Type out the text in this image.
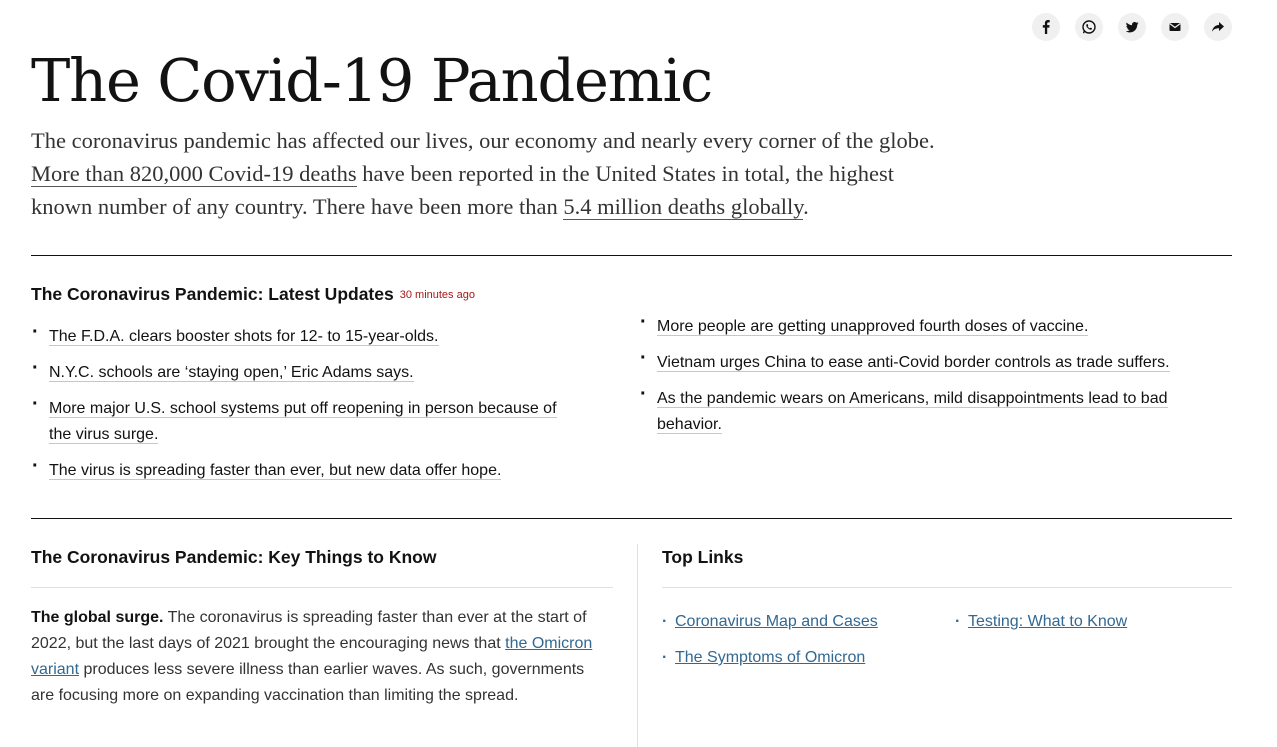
The Covid-19 Pandemic

The coronavirus pandemic has affected our lives, our economy and nearly every corner of the globe. More than 820,000 Covid-19 deaths have been reported in the United States in total, the highest known number of any country. There have been more than 5.4 million deaths globally.

The Coronavirus Pandemic: Latest Updates 30 minutes ago
· The F.D.A. clears booster shots for 12- to 15-year-olds.
· N.Y.C. schools are ‘staying open,’ Eric Adams says.
· More major U.S. school systems put off reopening in person because of the virus surge.
· The virus is spreading faster than ever, but new data offer hope.
· More people are getting unapproved fourth doses of vaccine.
· Vietnam urges China to ease anti-Covid border controls as trade suffers.
· As the pandemic wears on Americans, mild disappointments lead to bad behavior.
The Coronavirus Pandemic: Key Things to Know

The global surge. The coronavirus is spreading faster than ever at the start of 2022, but the last days of 2021 brought the encouraging news that the Omicron variant produces less severe illness than earlier waves. As such, governments are focusing more on expanding vaccination than limiting the spread.

Top Links
· Coronavirus Map and Cases
· The Symptoms of Omicron
· Testing: What to Know
